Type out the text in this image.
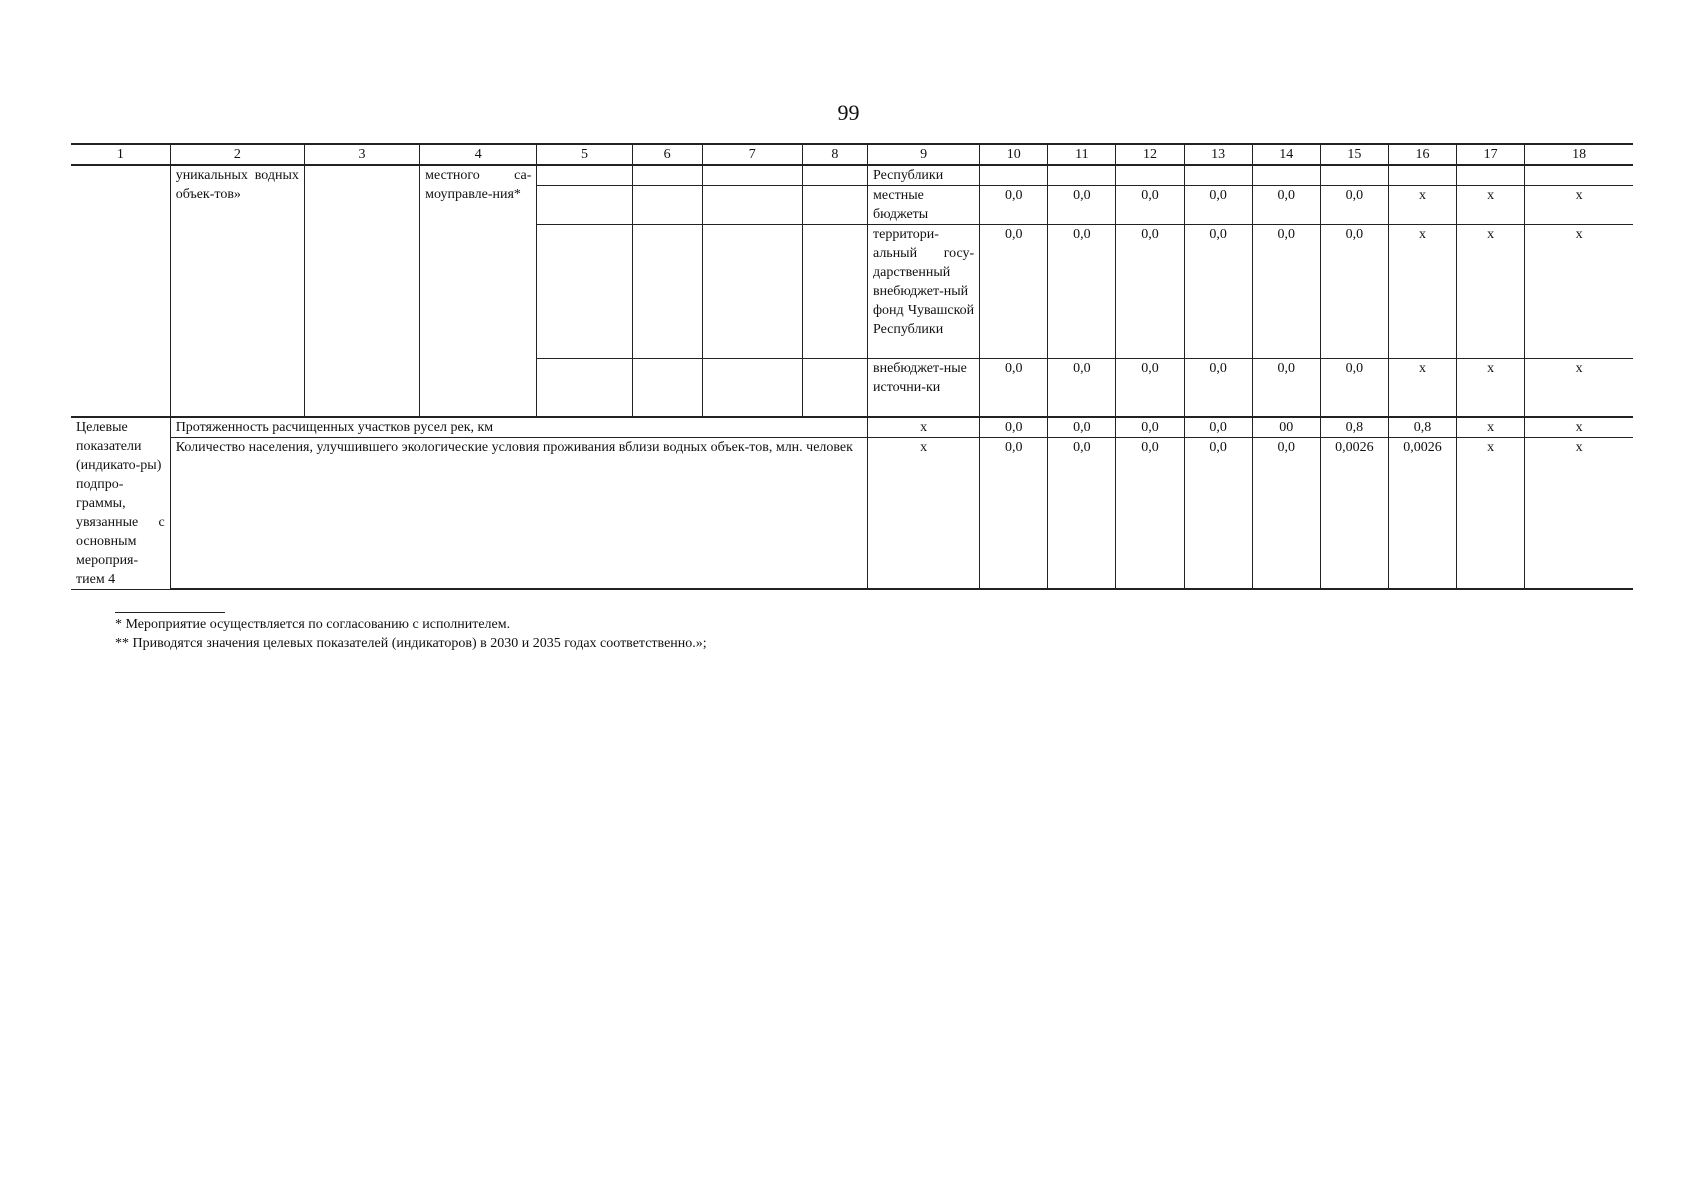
99
1	2	3	4	5	6	7	8	9	10	11	12	13	14	15	16	17	18
	уникальных водных объек-тов»		местного са-моуправле-ния*					Республики									
								местные бюджеты	0,0	0,0	0,0	0,0	0,0	0,0	x	x	x
								территори-альный госу-дарственный внебюджет-ный фонд Чувашской Республики	0,0	0,0	0,0	0,0	0,0	0,0	x	x	x
								внебюджет-ные источни-ки	0,0	0,0	0,0	0,0	0,0	0,0	x	x	x
Целевые показатели (индикато-ры) подпро-граммы, увязанные с основным мероприя-тием 4	Протяженность расчищенных участков русел рек, км							x	0,0	0,0	0,0	0,0	00	0,8	0,8	x	x
	Количество населения, улучшившего экологические условия проживания вблизи водных объек-тов, млн. человек							x	0,0	0,0	0,0	0,0	0,0	0,0026	0,0026	x	x
* Мероприятие осуществляется по согласованию с исполнителем.
** Приводятся значения целевых показателей (индикаторов) в 2030 и 2035 годах соответственно.»;
